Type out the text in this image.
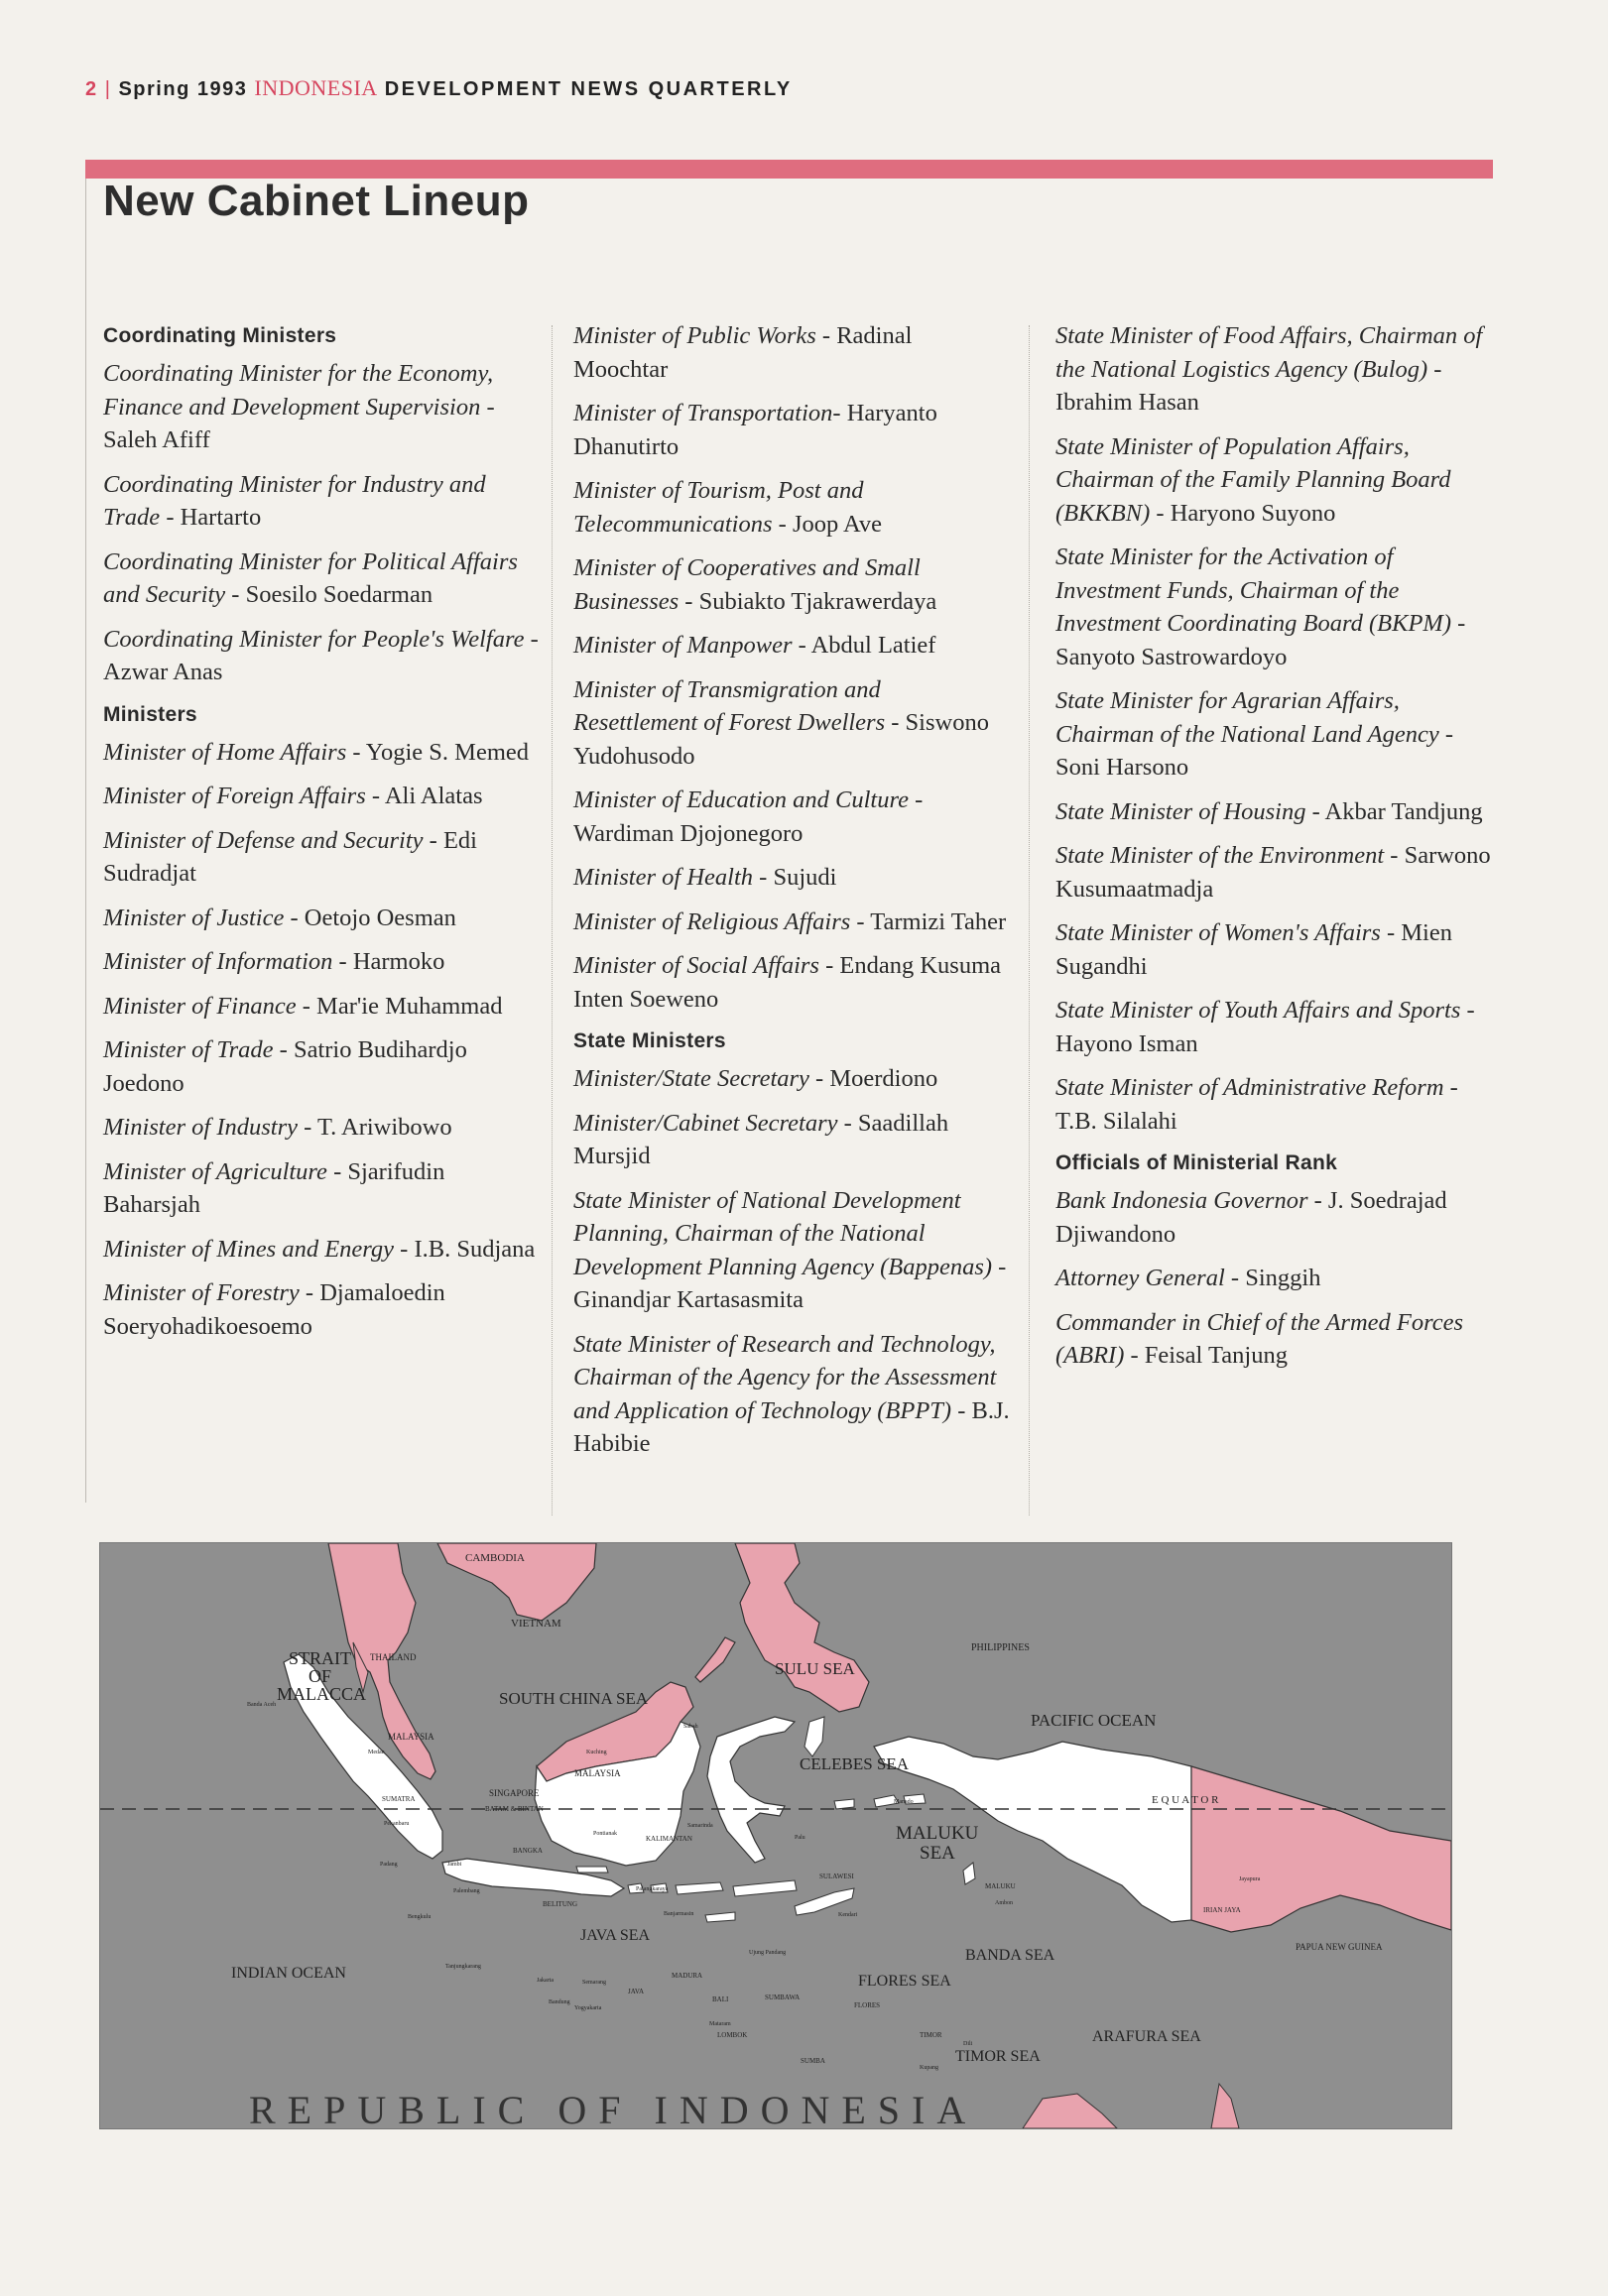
2 | Spring 1993 INDONESIA DEVELOPMENT NEWS QUARTERLY
New Cabinet Lineup
Coordinating Ministers
Coordinating Minister for the Economy, Finance and Development Supervision - Saleh Afiff
Coordinating Minister for Industry and Trade - Hartarto
Coordinating Minister for Political Affairs and Security - Soesilo Soedarman
Coordinating Minister for People's Welfare - Azwar Anas
Ministers
Minister of Home Affairs - Yogie S. Memed
Minister of Foreign Affairs - Ali Alatas
Minister of Defense and Security - Edi Sudradjat
Minister of Justice - Oetojo Oesman
Minister of Information - Harmoko
Minister of Finance - Mar'ie Muhammad
Minister of Trade - Satrio Budihardjo Joedono
Minister of Industry - T. Ariwibowo
Minister of Agriculture - Sjarifudin Baharsjah
Minister of Mines and Energy - I.B. Sudjana
Minister of Forestry - Djamaloedin Soeryohadikoesoemo
Minister of Public Works - Radinal Moochtar
Minister of Transportation- Haryanto Dhanutirto
Minister of Tourism, Post and Telecommunications - Joop Ave
Minister of Cooperatives and Small Businesses - Subiakto Tjakrawerdaya
Minister of Manpower - Abdul Latief
Minister of Transmigration and Resettlement of Forest Dwellers - Siswono Yudohusodo
Minister of Education and Culture - Wardiman Djojonegoro
Minister of Health - Sujudi
Minister of Religious Affairs - Tarmizi Taher
Minister of Social Affairs - Endang Kusuma Inten Soeweno
State Ministers
Minister/State Secretary - Moerdiono
Minister/Cabinet Secretary - Saadillah Mursjid
State Minister of National Development Planning, Chairman of the National Development Planning Agency (Bappenas) - Ginandjar Kartasasmita
State Minister of Research and Technology, Chairman of the Agency for the Assessment and Application of Technology (BPPT) - B.J. Habibie
State Minister of Food Affairs, Chairman of the National Logistics Agency (Bulog) - Ibrahim Hasan
State Minister of Population Affairs, Chairman of the Family Planning Board (BKKBN) - Haryono Suyono
State Minister for the Activation of Investment Funds, Chairman of the Investment Coordinating Board (BKPM) - Sanyoto Sastrowardoyo
State Minister for Agrarian Affairs, Chairman of the National Land Agency - Soni Harsono
State Minister of Housing - Akbar Tandjung
State Minister of the Environment - Sarwono Kusumaatmadja
State Minister of Women's Affairs - Mien Sugandhi
State Minister of Youth Affairs and Sports - Hayono Isman
State Minister of Administrative Reform - T.B. Silalahi
Officials of Ministerial Rank
Bank Indonesia Governor - J. Soedrajad Djiwandono
Attorney General - Singgih
Commander in Chief of the Armed Forces (ABRI) - Feisal Tanjung
CAMBODIA
VIETNAM
THAILAND
MALAYSIA
MALAYSIA
STRAIT
OF
MALACCA	SOUTH CHINA SEA
SULU SEA
PHILIPPINES
PACIFIC OCEAN
CELEBES SEA
E Q U A T O R
MALUKU
SEA
BANDA SEA
FLORES SEA
TIMOR SEA
ARAFURA SEA
JAVA SEA
INDIAN OCEAN
SINGAPORE
PAPUA NEW GUINEA
SUMATRA
BATAM & BINTAN
BANGKA
BELITUNG
KALIMANTAN
SULAWESI
MALUKU
IRIAN JAYA
MADURA
JAVA
BALI	SUMBAWA
FLORES
LOMBOK
SUMBA
TIMOR
Banda Aceh
Medan
Pekanbaru
Padang	Jambi
Palembang
Bengkulu
Tanjungkarang
Jakarta
Bandung
Semarang
Yogyakarta
Pontianak
Palangkaraya
Banjarmasin
Samarinda
Palu
Ujung Pandang
Kendari
Manado
Ambon
Jayapura
Kupang
Dili
Mataram
Sabah
Kuching
REPUBLIC OF INDONESIA
